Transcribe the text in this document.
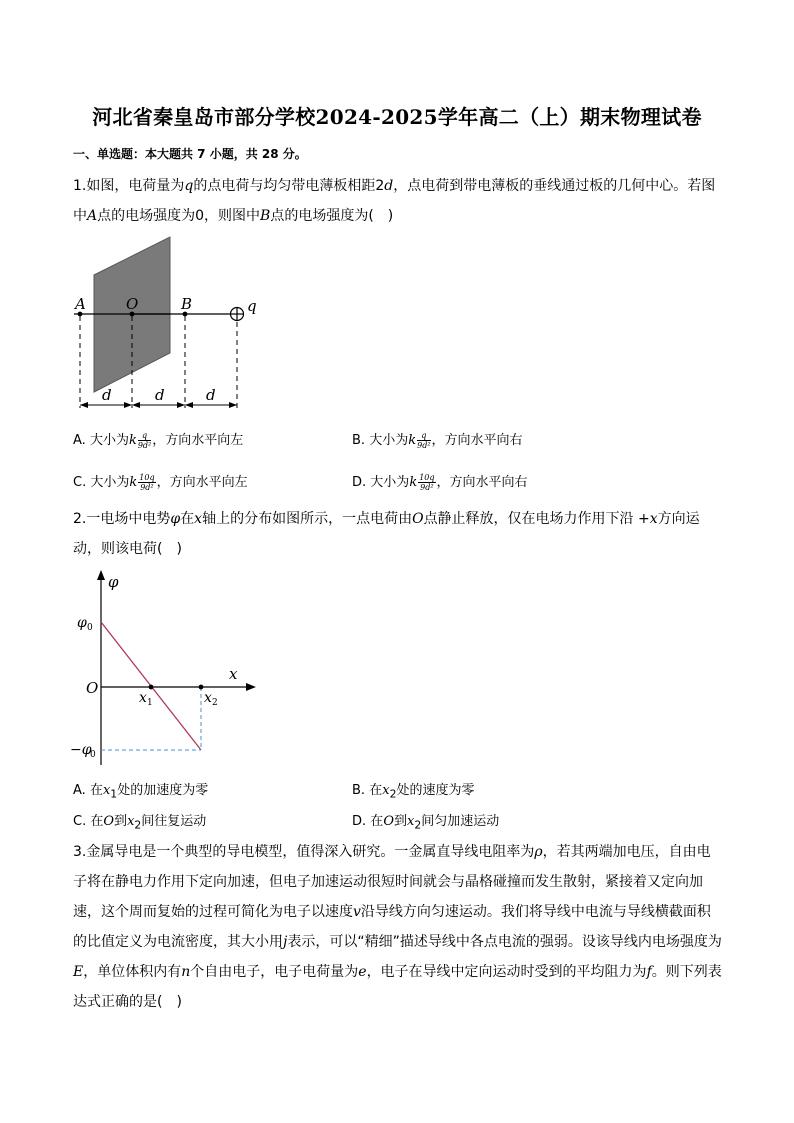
河北省秦皇岛市部分学校2024-2025学年高二（上）期末物理试卷
一、单选题：本大题共 7 小题，共 28 分。
1.如图，电荷量为q的点电荷与均匀带电薄板相距2d，点电荷到带电薄板的垂线通过板的几何中心。若图中A点的电场强度为0，则图中B点的电场强度为(　)
A	O	B	q
d	d	d
A. 大小为k $\frac{q}{\text{9d²}}$ ，方向水平向左	B. 大小为k $\frac{q}{\text{9d²}}$ ，方向水平向右
C. 大小为k $\frac{10q}{\text{9d²}}$ ，方向水平向左	D. 大小为k $\frac{10q}{\text{9d²}}$ ，方向水平向右
2.一电场中电势φ在x轴上的分布如图所示，一点电荷由O点静止释放，仅在电场力作用下沿 +x方向运动，则该电荷(　)
φ
x
O
φ 0
−φ
0
x 1	x 2
A. 在$x_1$处的加速度为零	B. 在$x_2$处的速度为零
C. 在O到$x_2$间往复运动	D. 在O到$x_2$间匀加速运动
3.金属导电是一个典型的导电模型，值得深入研究。一金属直导线电阻率为ρ，若其两端加电压，自由电子将在静电力作用下定向加速，但电子加速运动很短时间就会与晶格碰撞而发生散射，紧接着又定向加速，这个周而复始的过程可简化为电子以速度v沿导线方向匀速运动。我们将导线中电流与导线横截面积的比值定义为电流密度，其大小用j表示，可以“精细”描述导线中各点电流的强弱。设该导线内电场强度为E，单位体积内有n个自由电子，电子电荷量为e，电子在导线中定向运动时受到的平均阻力为f。则下列表达式正确的是(　)
